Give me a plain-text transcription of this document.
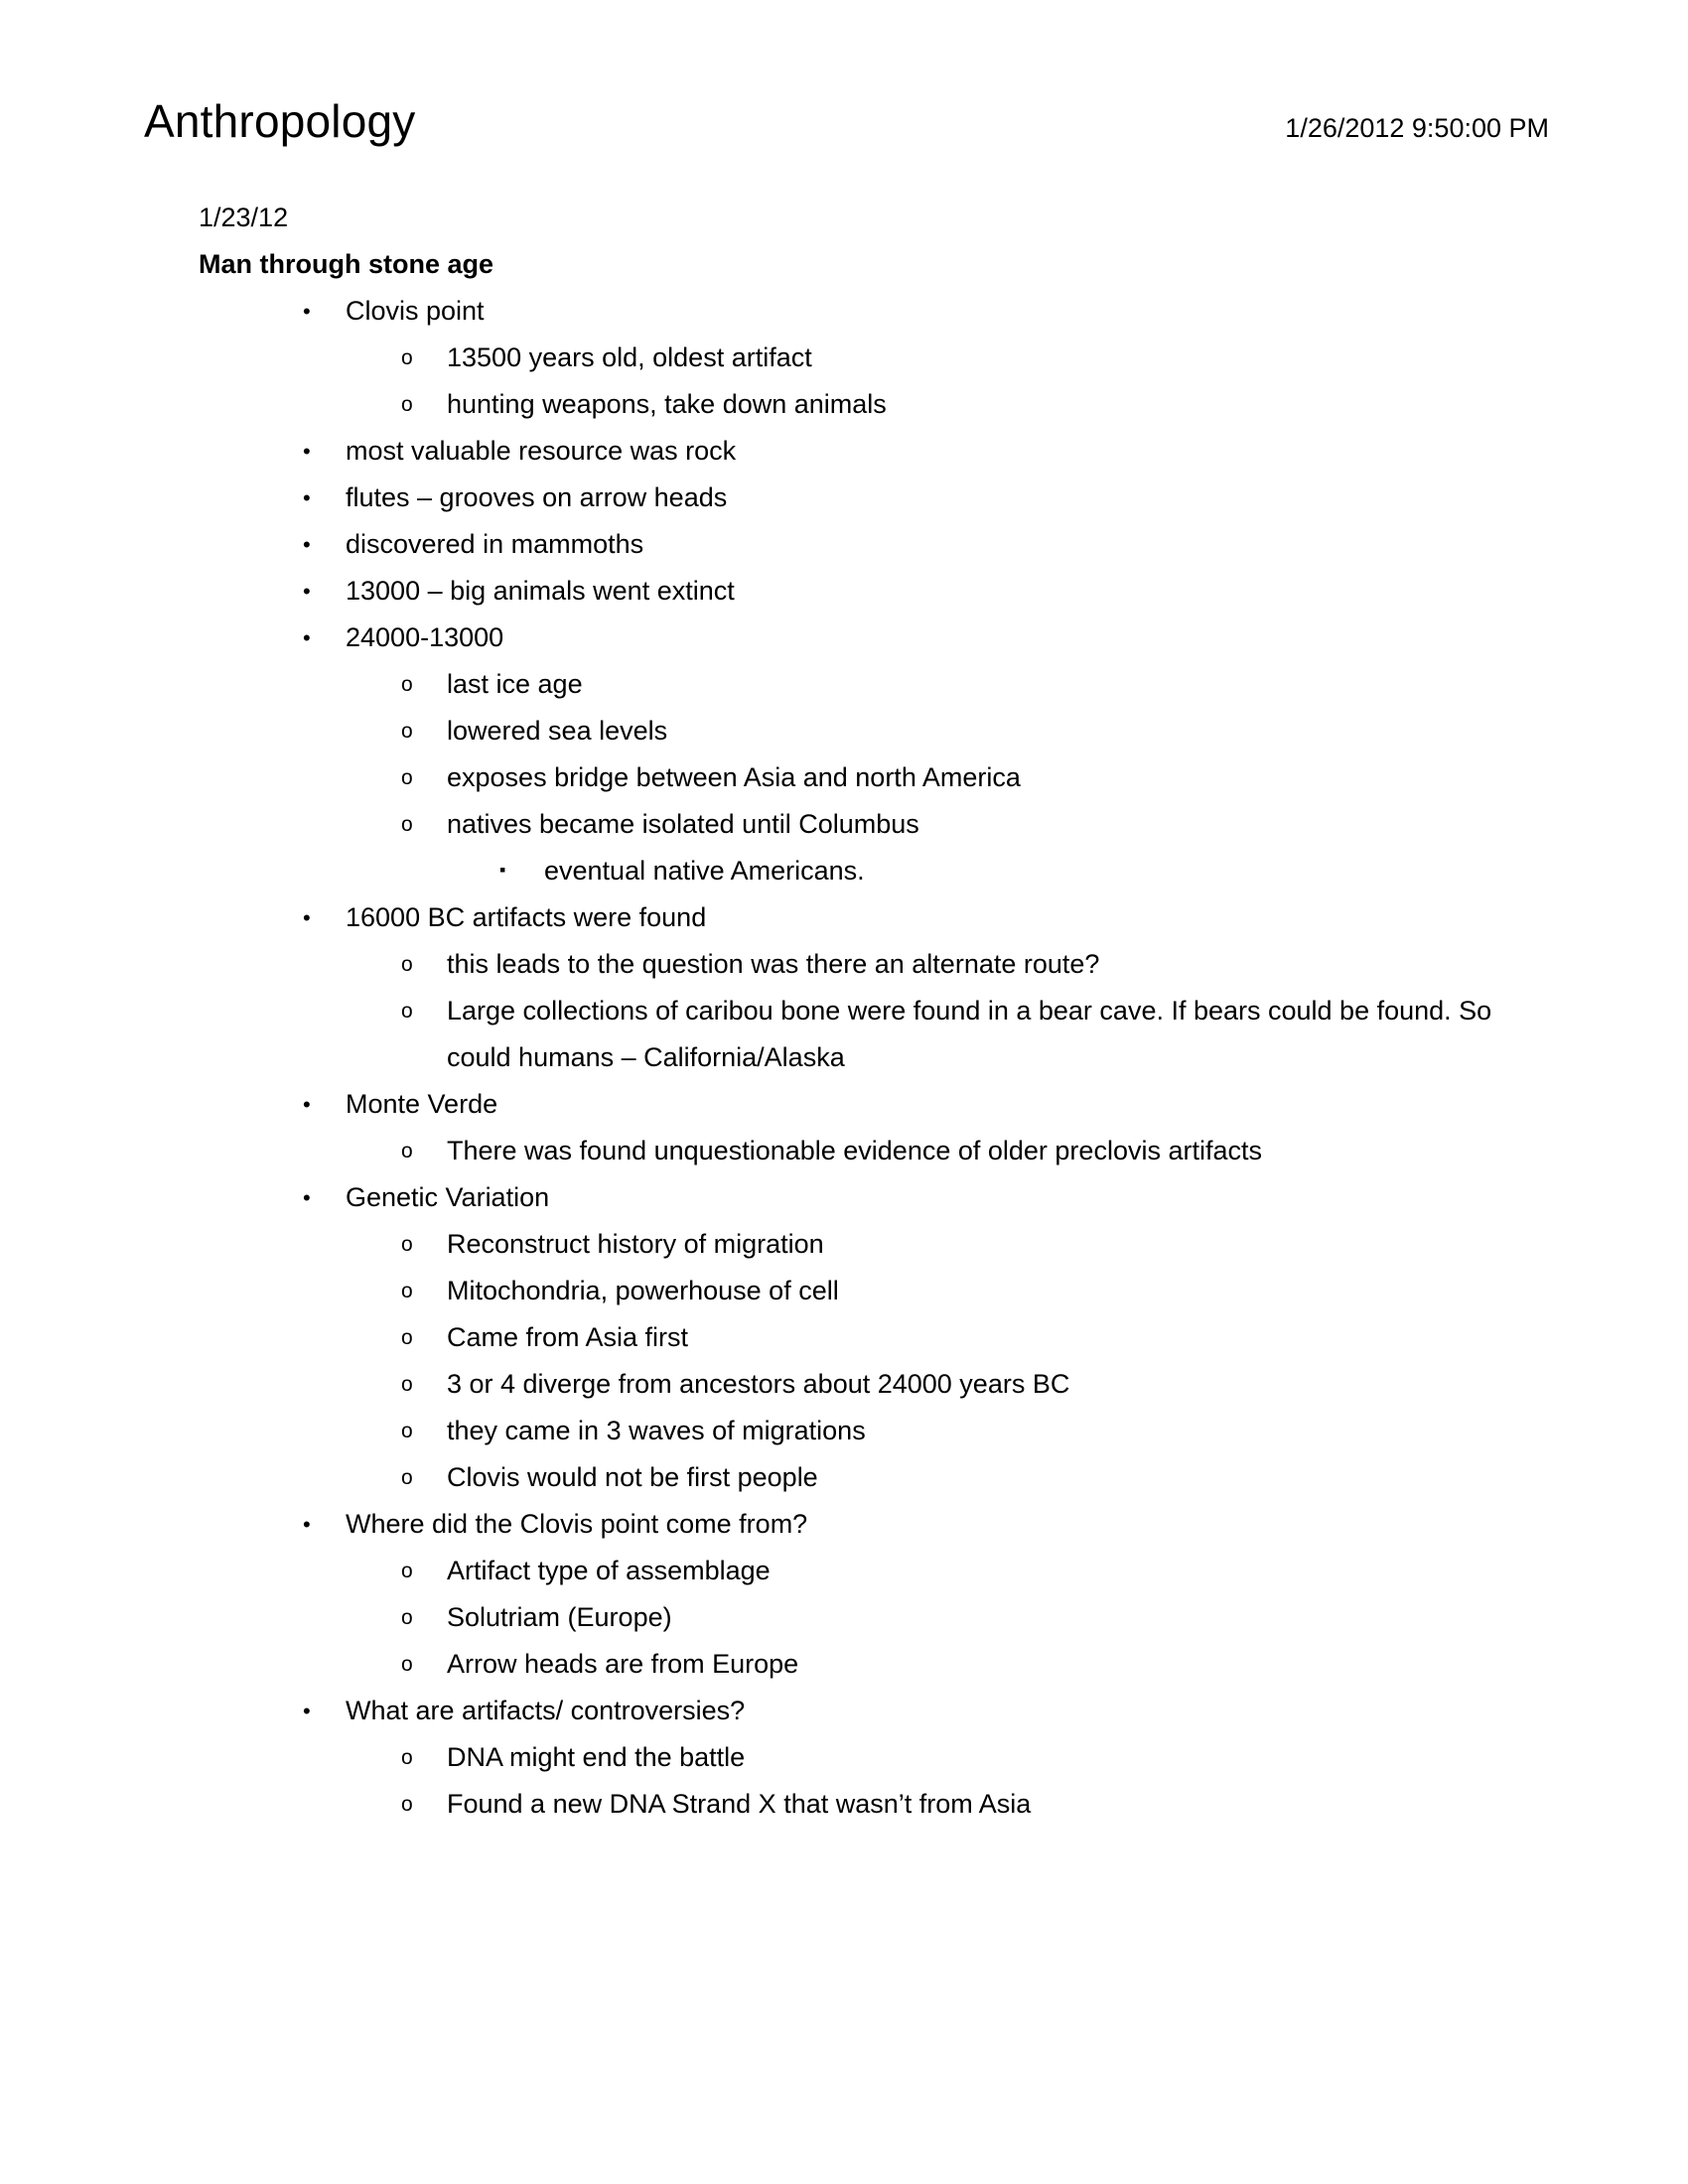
Anthropology	1/26/2012 9:50:00 PM
1/23/12
Man through stone age
• Clovis point
o 13500 years old, oldest artifact
o hunting weapons, take down animals
• most valuable resource was rock
• flutes – grooves on arrow heads
• discovered in mammoths
• 13000 – big animals went extinct
• 24000-13000
o last ice age
o lowered sea levels
o exposes bridge between Asia and north America
o natives became isolated until Columbus
▪ eventual native Americans.
• 16000 BC artifacts were found
o this leads to the question was there an alternate route?
o Large collections of caribou bone were found in a bear cave. If bears could be found. So could humans – California/Alaska
• Monte Verde
o There was found unquestionable evidence of older preclovis artifacts
• Genetic Variation
o Reconstruct history of migration
o Mitochondria, powerhouse of cell
o Came from Asia first
o 3 or 4 diverge from ancestors about 24000 years BC
o they came in 3 waves of migrations
o Clovis would not be first people
• Where did the Clovis point come from?
o Artifact type of assemblage
o Solutriam (Europe)
o Arrow heads are from Europe
• What are artifacts/ controversies?
o DNA might end the battle
o Found a new DNA Strand X that wasn’t from Asia
